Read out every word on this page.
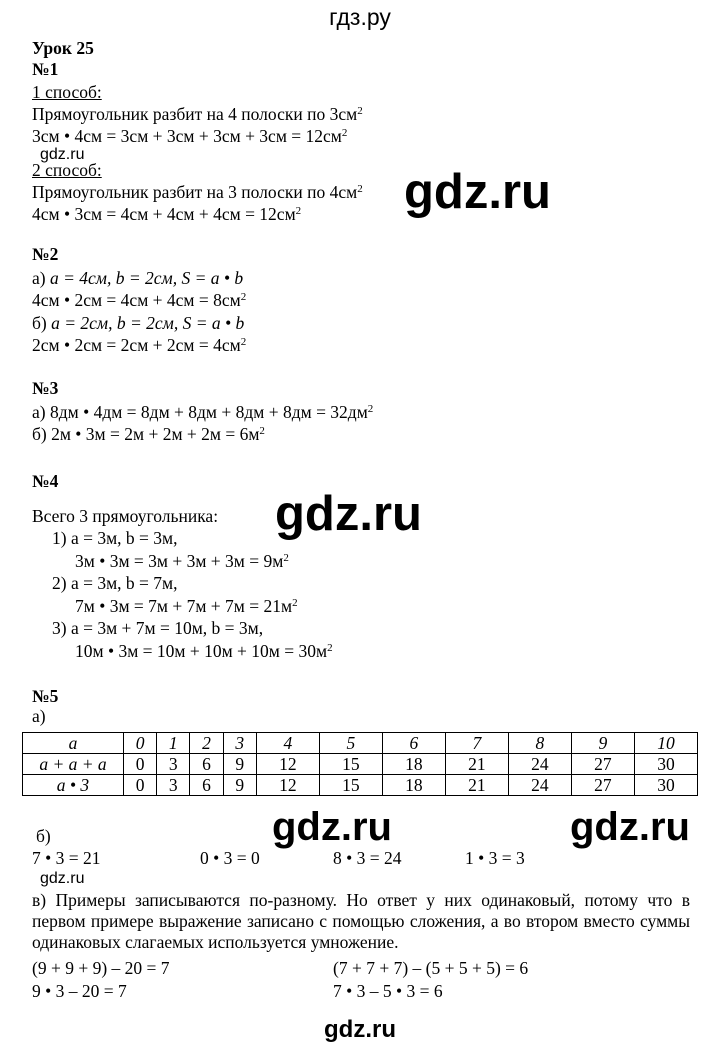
гдз.ру
Урок 25
№1
1 способ:
Прямоугольник разбит на 4 полоски по $3см^2$
3см • $4см = 3см + 3см + 3см + 3см = 12см^2$
gdz.ru
2 способ:
Прямоугольник разбит на 3 полоски по $4см^2$
4см • $3см = 4см + 4см + 4см = 12см^2$ gdz.ru
№2
а) a = 4см, b = 2см, S = a • b
4см • $2см = 4см + 4см = 8см^2$
б) a = 2см, b = 2см, S = a • b
2см • $2см = 2см + 2см = 4см^2$
№3
а) 8дм • $4дм = 8дм + 8дм + 8дм + 8дм = 32дм^2$
б) 2м • $3м = 2м + 2м + 2м = 6м^2$
№4
gdz.ru
Всего 3 прямоугольника:
1) a = 3м, b = 3м,
3м • $3м = 3м + 3м + 3м = 9м^2$
2) a = 3м, b = 7м,
7м • $3м = 7м + 7м + 7м = 21м^2$
3) a = 3м + 7м = 10м, b = 3м,
10м • $3м = 10м + 10м + 10м = 30м^2$
№5
а)
a	0	1	2	3	4	5	6	7	8	9	10
a + a + a	0	3	6	9	12	15	18	21	24	27	30
a • 3	0	3	6	9	12	15	18	21	24	27	30
gdz.ru	gdz.ru
б)
7 • 3 = 21	0 • 3 = 0	8 • 3 = 24	1 • 3 = 3
gdz.ru
в) Примеры записываются по-разному. Но ответ у них одинаковый, потому что в первом примере выражение записано с помощью сложения, а во втором вместо суммы одинаковых слагаемых используется умножение.
(9 + 9 + 9) – 20 = 7	(7 + 7 + 7) – (5 + 5 + 5) = 6
9 • 3 – 20 = 7	7 • 3 – 5 • 3 = 6
gdz.ru
